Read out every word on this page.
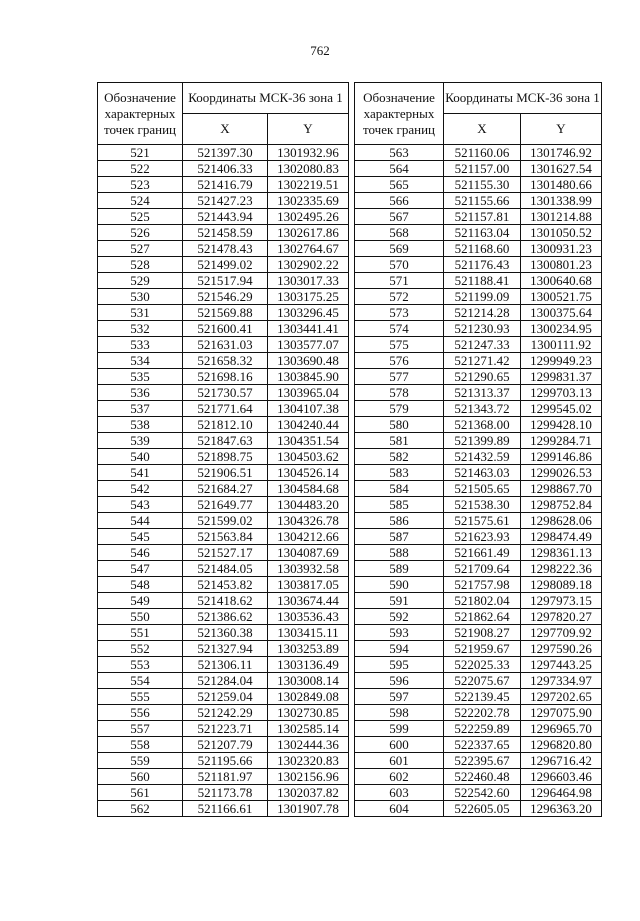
762
Обозначение характерных точек границ	Координаты МСК-36 зона 1	

	X	Y
521	521397.30	1301932.96
522	521406.33	1302080.83
523	521416.79	1302219.51
524	521427.23	1302335.69
525	521443.94	1302495.26
526	521458.59	1302617.86
527	521478.43	1302764.67
528	521499.02	1302902.22
529	521517.94	1303017.33
530	521546.29	1303175.25
531	521569.88	1303296.45
532	521600.41	1303441.41
533	521631.03	1303577.07
534	521658.32	1303690.48
535	521698.16	1303845.90
536	521730.57	1303965.04
537	521771.64	1304107.38
538	521812.10	1304240.44
539	521847.63	1304351.54
540	521898.75	1304503.62
541	521906.51	1304526.14
542	521684.27	1304584.68
543	521649.77	1304483.20
544	521599.02	1304326.78
545	521563.84	1304212.66
546	521527.17	1304087.69
547	521484.05	1303932.58
548	521453.82	1303817.05
549	521418.62	1303674.44
550	521386.62	1303536.43
551	521360.38	1303415.11
552	521327.94	1303253.89
553	521306.11	1303136.49
554	521284.04	1303008.14
555	521259.04	1302849.08
556	521242.29	1302730.85
557	521223.71	1302585.14
558	521207.79	1302444.36
559	521195.66	1302320.83
560	521181.97	1302156.96
561	521173.78	1302037.82
562	521166.61	1301907.78
Обозначение характерных точек границ	Координаты МСК-36 зона 1	

	X	Y
563	521160.06	1301746.92
564	521157.00	1301627.54
565	521155.30	1301480.66
566	521155.66	1301338.99
567	521157.81	1301214.88
568	521163.04	1301050.52
569	521168.60	1300931.23
570	521176.43	1300801.23
571	521188.41	1300640.68
572	521199.09	1300521.75
573	521214.28	1300375.64
574	521230.93	1300234.95
575	521247.33	1300111.92
576	521271.42	1299949.23
577	521290.65	1299831.37
578	521313.37	1299703.13
579	521343.72	1299545.02
580	521368.00	1299428.10
581	521399.89	1299284.71
582	521432.59	1299146.86
583	521463.03	1299026.53
584	521505.65	1298867.70
585	521538.30	1298752.84
586	521575.61	1298628.06
587	521623.93	1298474.49
588	521661.49	1298361.13
589	521709.64	1298222.36
590	521757.98	1298089.18
591	521802.04	1297973.15
592	521862.64	1297820.27
593	521908.27	1297709.92
594	521959.67	1297590.26
595	522025.33	1297443.25
596	522075.67	1297334.97
597	522139.45	1297202.65
598	522202.78	1297075.90
599	522259.89	1296965.70
600	522337.65	1296820.80
601	522395.67	1296716.42
602	522460.48	1296603.46
603	522542.60	1296464.98
604	522605.05	1296363.20
